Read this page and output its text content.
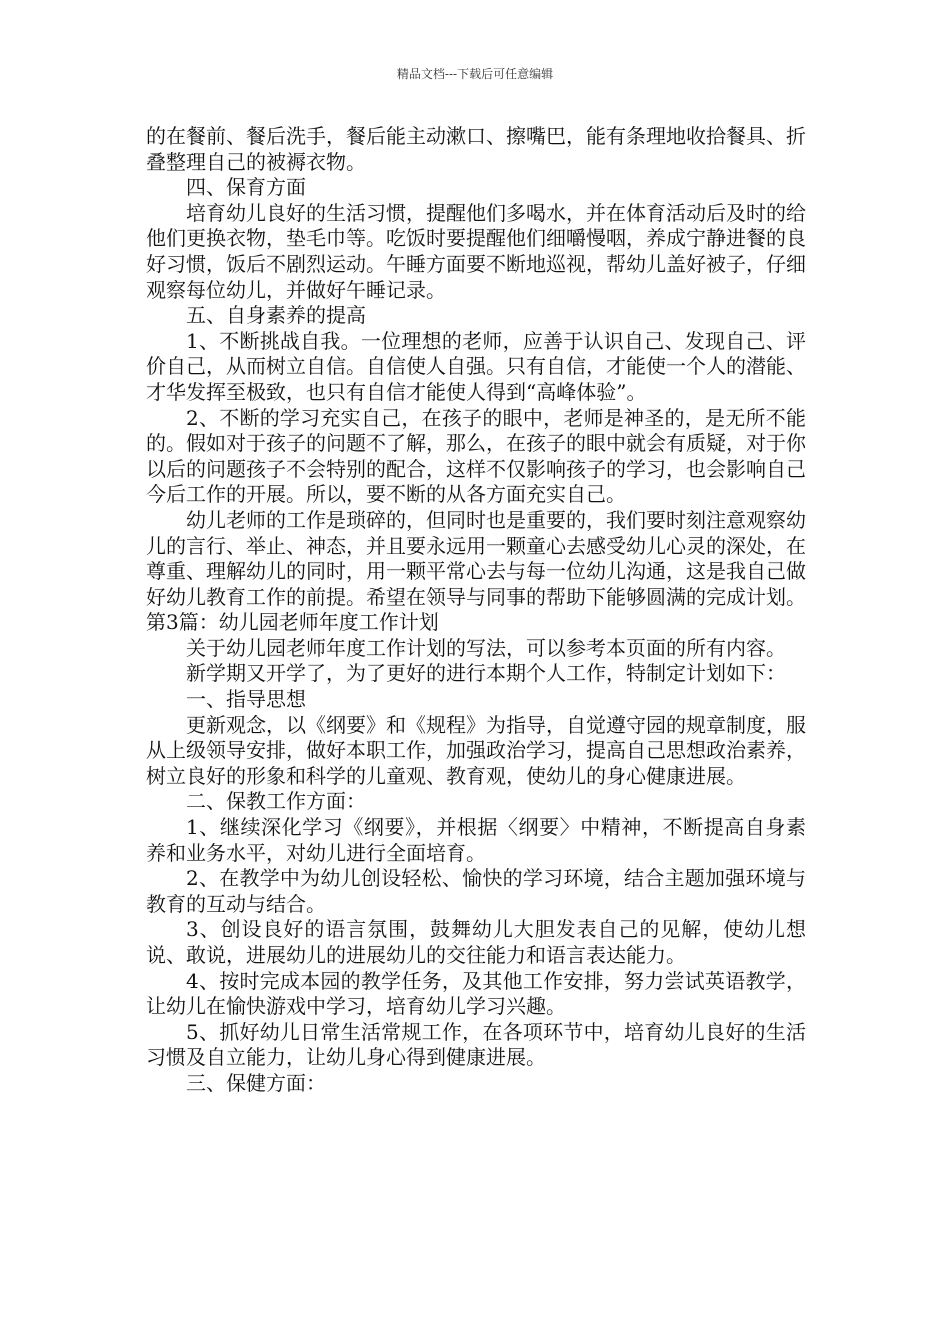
精品文档---下载后可任意编辑

的在餐前、餐后洗手，餐后能主动漱口、擦嘴巴，能有条理地收拾餐具、折叠整理自己的被褥衣物。

四、保育方面

培育幼儿良好的生活习惯，提醒他们多喝水，并在体育活动后及时的给他们更换衣物，垫毛巾等。吃饭时要提醒他们细嚼慢咽，养成宁静进餐的良好习惯，饭后不剧烈运动。午睡方面要不断地巡视，帮幼儿盖好被子，仔细观察每位幼儿，并做好午睡记录。

五、自身素养的提高

1、不断挑战自我。一位理想的老师，应善于认识自己、发现自己、评价自己，从而树立自信。自信使人自强。只有自信，才能使一个人的潜能、才华发挥至极致，也只有自信才能使人得到“高峰体验”。

2、不断的学习充实自己，在孩子的眼中，老师是神圣的，是无所不能的。假如对于孩子的问题不了解，那么，在孩子的眼中就会有质疑，对于你以后的问题孩子不会特别的配合，这样不仅影响孩子的学习，也会影响自己今后工作的开展。所以，要不断的从各方面充实自己。

幼儿老师的工作是琐碎的，但同时也是重要的，我们要时刻注意观察幼儿的言行、举止、神态，并且要永远用一颗童心去感受幼儿心灵的深处，在尊重、理解幼儿的同时，用一颗平常心去与每一位幼儿沟通，这是我自己做好幼儿教育工作的前提。希望在领导与同事的帮助下能够圆满的完成计划。第3篇：幼儿园老师年度工作计划

关于幼儿园老师年度工作计划的写法，可以参考本页面的所有内容。

新学期又开学了，为了更好的进行本期个人工作，特制定计划如下：

一、指导思想

更新观念，以《纲要》和《规程》为指导，自觉遵守园的规章制度，服从上级领导安排，做好本职工作，加强政治学习，提高自己思想政治素养，树立良好的形象和科学的儿童观、教育观，使幼儿的身心健康进展。

二、保教工作方面：

1、继续深化学习《纲要》，并根据〈纲要〉中精神，不断提高自身素养和业务水平，对幼儿进行全面培育。

2、在教学中为幼儿创设轻松、愉快的学习环境，结合主题加强环境与教育的互动与结合。

3、创设良好的语言氛围，鼓舞幼儿大胆发表自己的见解，使幼儿想说、敢说，进展幼儿的进展幼儿的交往能力和语言表达能力。

4、按时完成本园的教学任务，及其他工作安排，努力尝试英语教学，让幼儿在愉快游戏中学习，培育幼儿学习兴趣。

5、抓好幼儿日常生活常规工作，在各项环节中，培育幼儿良好的生活习惯及自立能力，让幼儿身心得到健康进展。

三、保健方面：
